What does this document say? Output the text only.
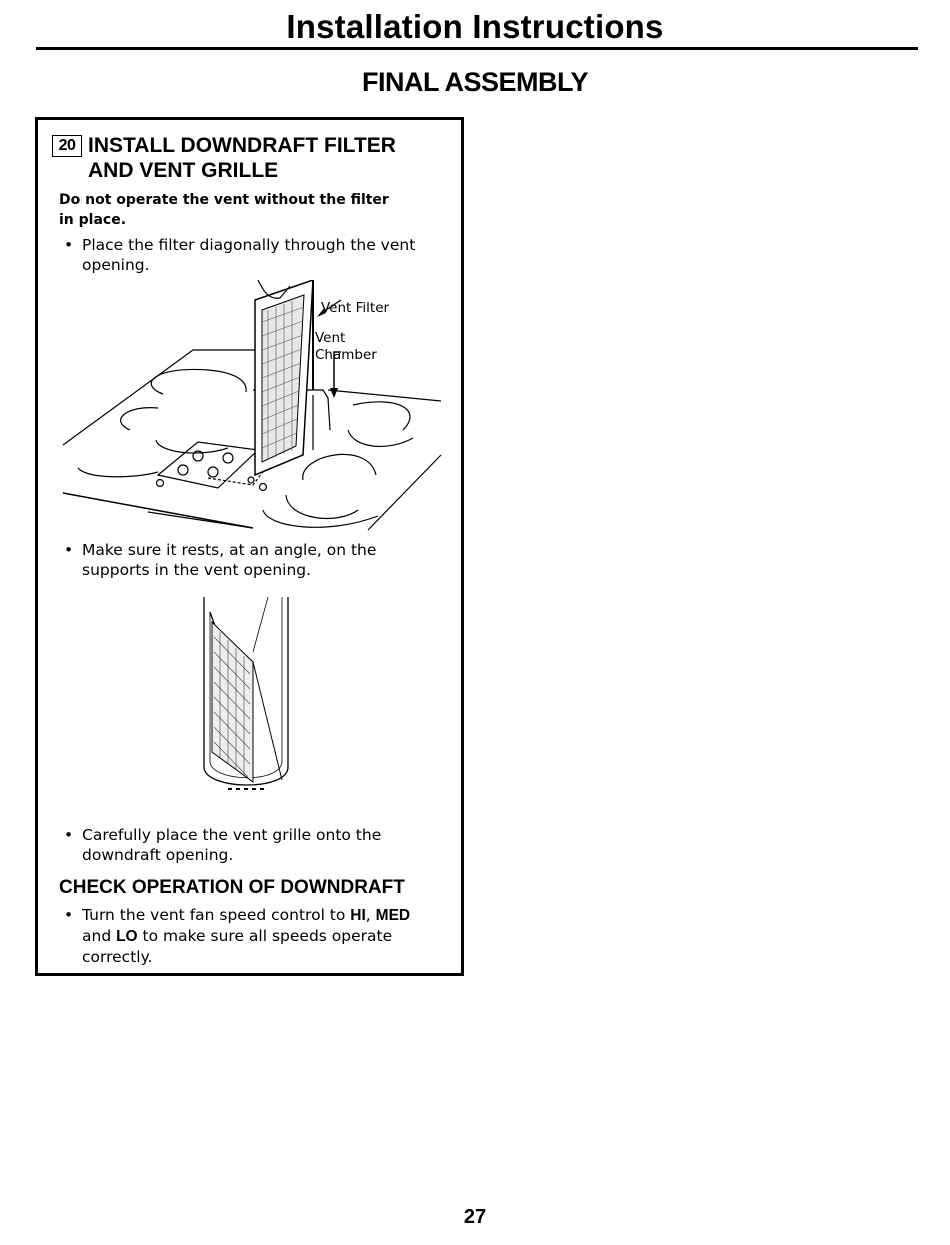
Installation Instructions
FINAL ASSEMBLY
20 INSTALL DOWNDRAFT FILTER
AND VENT GRILLE
Do not operate the vent without the filter
in place.
• Place the filter diagonally through the vent
opening.
Vent Filter
Vent
Chamber
• Make sure it rests, at an angle, on the
supports in the vent opening.
• Carefully place the vent grille onto the
downdraft opening.
CHECK OPERATION OF DOWNDRAFT
• Turn the vent fan speed control to HI, MED
and LO to make sure all speeds operate
correctly.
27
